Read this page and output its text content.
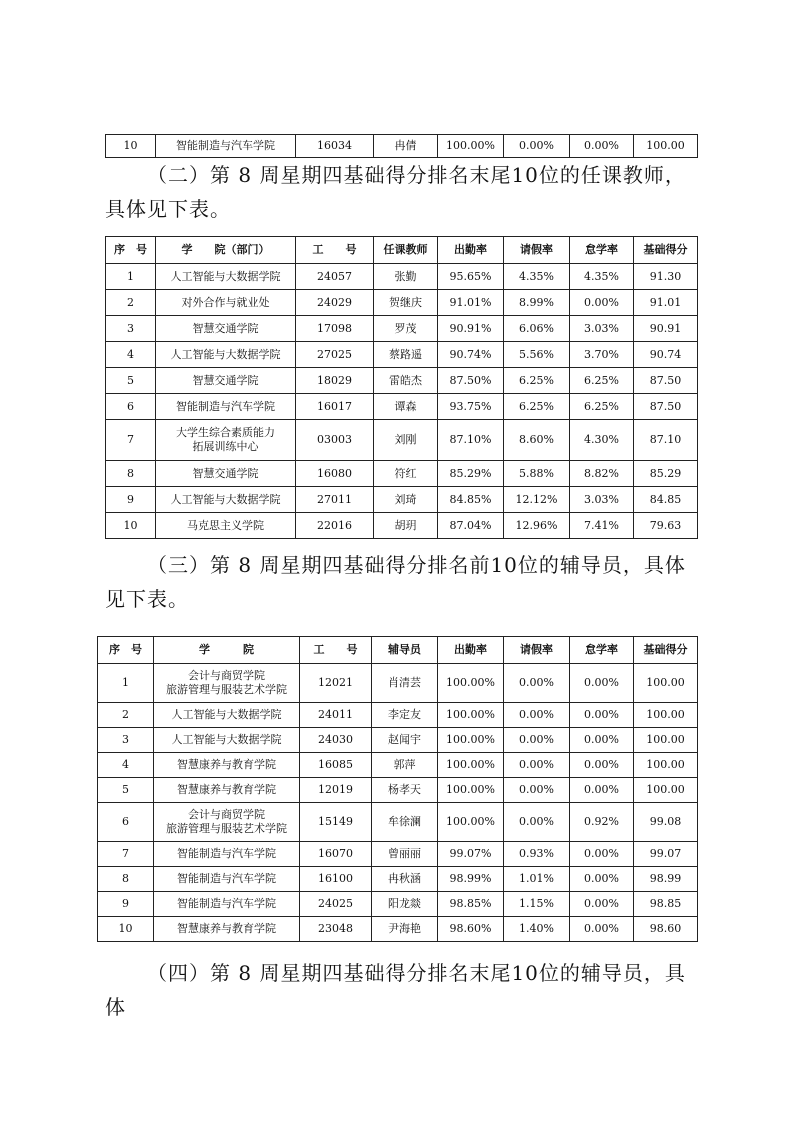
10	智能制造与汽车学院	16034	冉倩	100.00%	0.00%	0.00%	100.00

（二）第 8 周星期四基础得分排名末尾10位的任课教师，具体见下表。

序　号	学　　院（部门）	工　　号	任课教师	出勤率	请假率	怠学率	基础得分
1	人工智能与大数据学院	24057	张勤	95.65%	4.35%	4.35%	91.30
2	对外合作与就业处	24029	贺继庆	91.01%	8.99%	0.00%	91.01
3	智慧交通学院	17098	罗茂	90.91%	6.06%	3.03%	90.91
4	人工智能与大数据学院	27025	蔡路遥	90.74%	5.56%	3.70%	90.74
5	智慧交通学院	18029	雷皓杰	87.50%	6.25%	6.25%	87.50
6	智能制造与汽车学院	16017	谭森	93.75%	6.25%	6.25%	87.50
7	大学生综合素质能力
拓展训练中心	03003	刘刚	87.10%	8.60%	4.30%	87.10
8	智慧交通学院	16080	符红	85.29%	5.88%	8.82%	85.29
9	人工智能与大数据学院	27011	刘琦	84.85%	12.12%	3.03%	84.85
10	马克思主义学院	22016	胡玥	87.04%	12.96%	7.41%	79.63

（三）第 8 周星期四基础得分排名前10位的辅导员，具体见下表。

序　号	学　　　院	工　　号	辅导员	出勤率	请假率	怠学率	基础得分
1	会计与商贸学院
旅游管理与服装艺术学院	12021	肖清芸	100.00%	0.00%	0.00%	100.00
2	人工智能与大数据学院	24011	李定友	100.00%	0.00%	0.00%	100.00
3	人工智能与大数据学院	24030	赵闻宇	100.00%	0.00%	0.00%	100.00
4	智慧康养与教育学院	16085	郭萍	100.00%	0.00%	0.00%	100.00
5	智慧康养与教育学院	12019	杨孝天	100.00%	0.00%	0.00%	100.00
6	会计与商贸学院
旅游管理与服装艺术学院	15149	牟徐澜	100.00%	0.00%	0.92%	99.08
7	智能制造与汽车学院	16070	曾丽丽	99.07%	0.93%	0.00%	99.07
8	智能制造与汽车学院	16100	冉秋涵	98.99%	1.01%	0.00%	98.99
9	智能制造与汽车学院	24025	阳龙燚	98.85%	1.15%	0.00%	98.85
10	智慧康养与教育学院	23048	尹海艳	98.60%	1.40%	0.00%	98.60

（四）第 8 周星期四基础得分排名末尾10位的辅导员，具体
